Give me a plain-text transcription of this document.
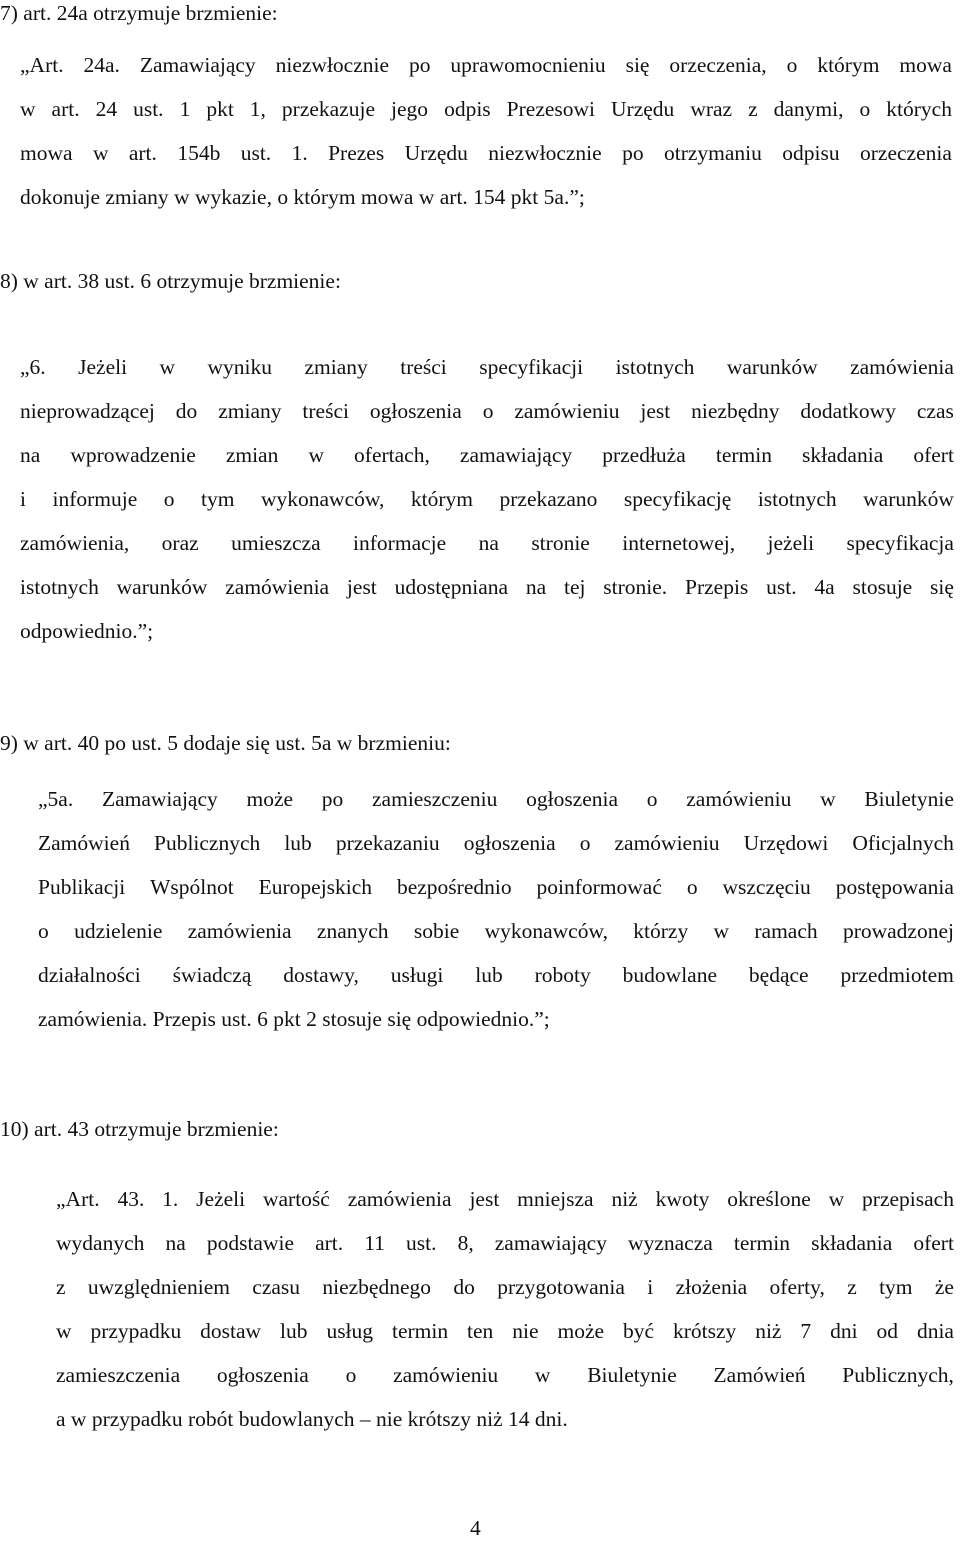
7) art. 24a otrzymuje brzmienie:
„Art. 24a. Zamawiający niezwłocznie po uprawomocnieniu się orzeczenia, o którym mowa
w art. 24 ust. 1 pkt 1, przekazuje jego odpis Prezesowi Urzędu wraz z danymi, o których
mowa w art. 154b ust. 1. Prezes Urzędu niezwłocznie po otrzymaniu odpisu orzeczenia
dokonuje zmiany w wykazie, o którym mowa w art. 154 pkt 5a.”;
8) w art. 38 ust. 6 otrzymuje brzmienie:
„6. Jeżeli w wyniku zmiany treści specyfikacji istotnych warunków zamówienia
nieprowadzącej do zmiany treści ogłoszenia o zamówieniu jest niezbędny dodatkowy czas
na wprowadzenie zmian w ofertach, zamawiający przedłuża termin składania ofert
i informuje o tym wykonawców, którym przekazano specyfikację istotnych warunków
zamówienia, oraz umieszcza informacje na stronie internetowej, jeżeli specyfikacja
istotnych warunków zamówienia jest udostępniana na tej stronie. Przepis ust. 4a stosuje się
odpowiednio.”;
9) w art. 40 po ust. 5 dodaje się ust. 5a w brzmieniu:
„5a. Zamawiający może po zamieszczeniu ogłoszenia o zamówieniu w Biuletynie
Zamówień Publicznych lub przekazaniu ogłoszenia o zamówieniu Urzędowi Oficjalnych
Publikacji Wspólnot Europejskich bezpośrednio poinformować o wszczęciu postępowania
o udzielenie zamówienia znanych sobie wykonawców, którzy w ramach prowadzonej
działalności świadczą dostawy, usługi lub roboty budowlane będące przedmiotem
zamówienia. Przepis ust. 6 pkt 2 stosuje się odpowiednio.”;
10) art. 43 otrzymuje brzmienie:
„Art. 43. 1. Jeżeli wartość zamówienia jest mniejsza niż kwoty określone w przepisach
wydanych na podstawie art. 11 ust. 8, zamawiający wyznacza termin składania ofert
z uwzględnieniem czasu niezbędnego do przygotowania i złożenia oferty, z tym że
w przypadku dostaw lub usług termin ten nie może być krótszy niż 7 dni od dnia
zamieszczenia ogłoszenia o zamówieniu w Biuletynie Zamówień Publicznych,
a w przypadku robót budowlanych – nie krótszy niż 14 dni.
4
